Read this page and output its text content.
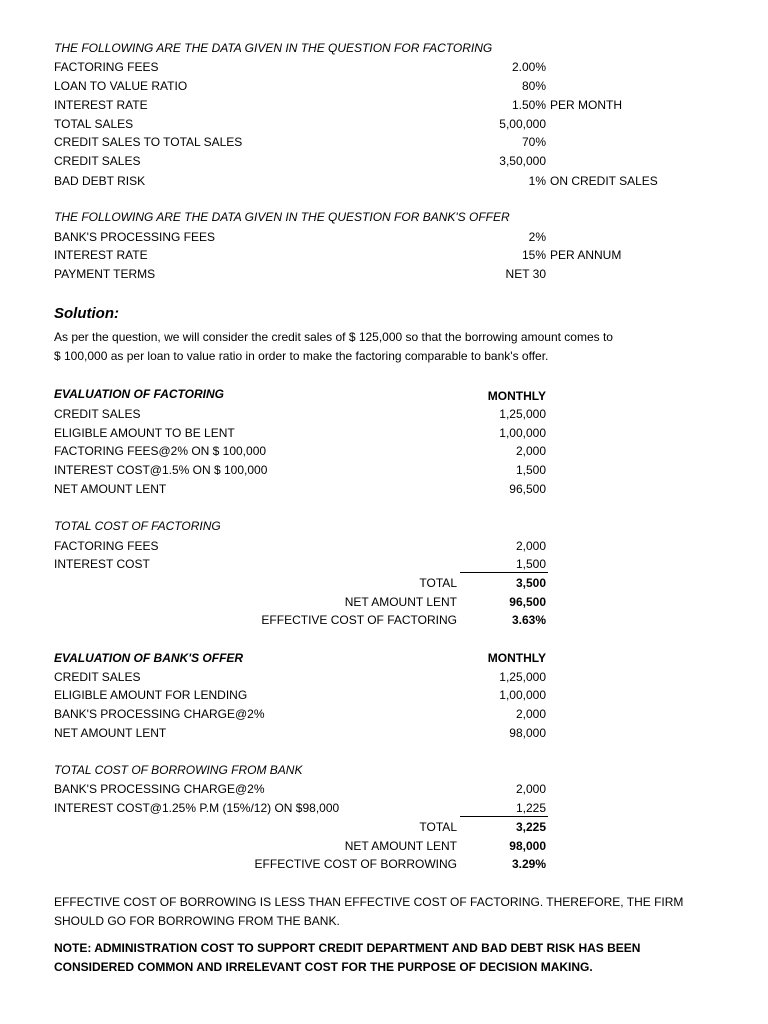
THE FOLLOWING ARE THE DATA GIVEN IN THE QUESTION FOR FACTORING
FACTORING FEES	2.00%
LOAN TO VALUE RATIO	80%
INTEREST RATE	1.50% PER MONTH
TOTAL SALES	5,00,000
CREDIT SALES TO TOTAL SALES	70%
CREDIT SALES	3,50,000
BAD DEBT RISK	1% ON CREDIT SALES
THE FOLLOWING ARE THE DATA GIVEN IN THE QUESTION FOR BANK'S OFFER
BANK'S PROCESSING FEES	2%
INTEREST RATE	15% PER ANNUM
PAYMENT TERMS	NET 30
Solution:
As per the question, we will consider the credit sales of $ 125,000 so that the borrowing amount comes to $ 100,000 as per loan to value ratio in order to make the factoring comparable to bank's offer.
EVALUATION OF FACTORING	MONTHLY
CREDIT SALES	1,25,000
ELIGIBLE AMOUNT TO BE LENT	1,00,000
FACTORING FEES@2% ON $ 100,000	2,000
INTEREST COST@1.5% ON $ 100,000	1,500
NET AMOUNT LENT	96,500
TOTAL COST OF FACTORING
FACTORING FEES	2,000
INTEREST COST	1,500
TOTAL	3,500
NET AMOUNT LENT	96,500
EFFECTIVE COST OF FACTORING	3.63%
EVALUATION OF BANK'S OFFER	MONTHLY
CREDIT SALES	1,25,000
ELIGIBLE AMOUNT FOR LENDING	1,00,000
BANK'S PROCESSING CHARGE@2%	2,000
NET AMOUNT LENT	98,000
TOTAL COST OF BORROWING FROM BANK
BANK'S PROCESSING CHARGE@2%	2,000
INTEREST COST@1.25% P.M (15%/12) ON $98,000	1,225
TOTAL	3,225
NET AMOUNT LENT	98,000
EFFECTIVE COST OF BORROWING	3.29%
EFFECTIVE COST OF BORROWING IS LESS THAN EFFECTIVE COST OF FACTORING. THEREFORE, THE FIRM SHOULD GO FOR BORROWING FROM THE BANK.
NOTE: ADMINISTRATION COST TO SUPPORT CREDIT DEPARTMENT AND BAD DEBT RISK HAS BEEN CONSIDERED COMMON AND IRRELEVANT COST FOR THE PURPOSE OF DECISION MAKING.
